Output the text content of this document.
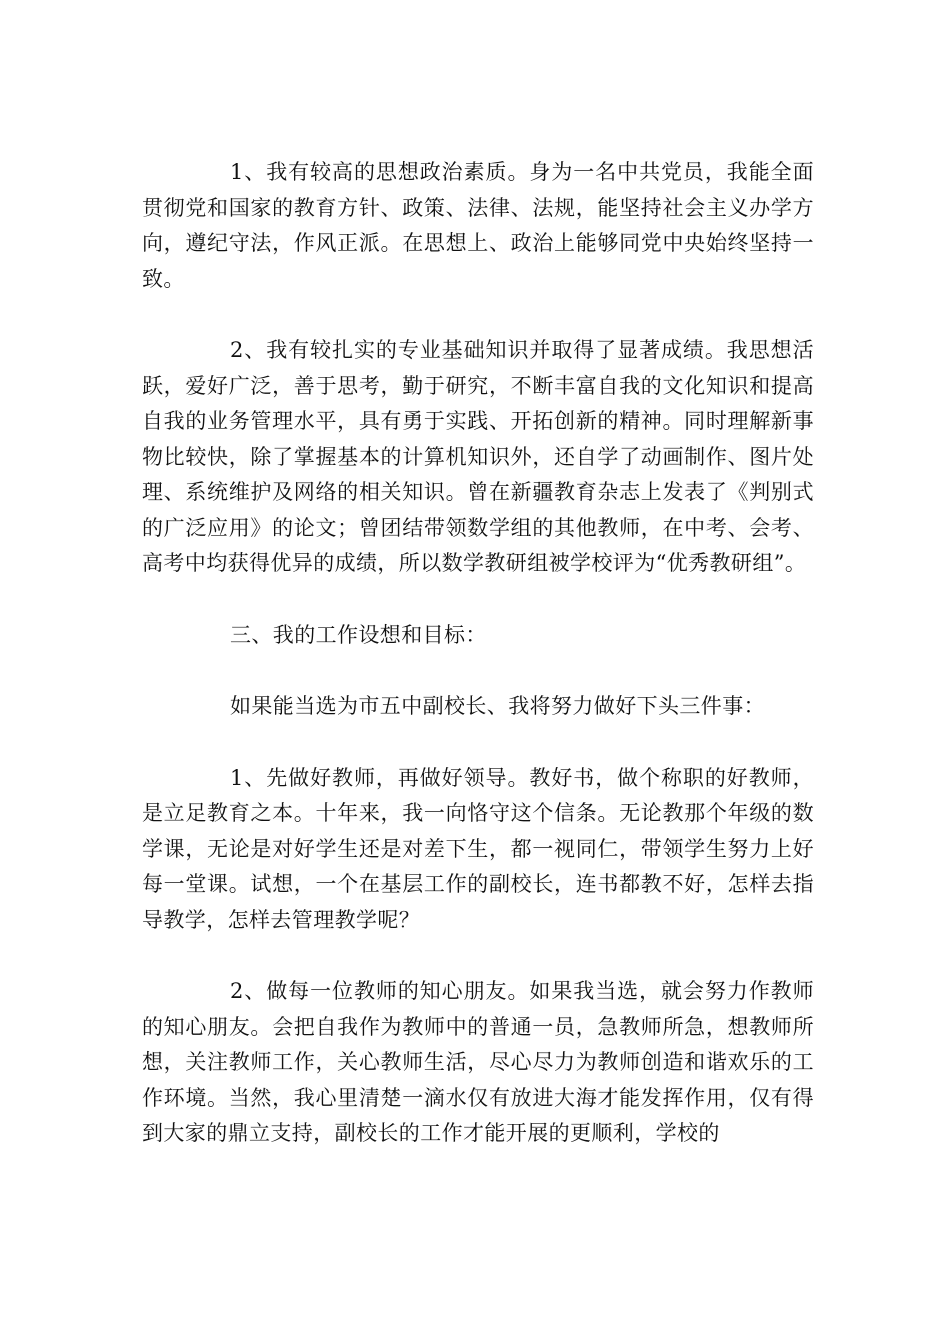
1、我有较高的思想政治素质。身为一名中共党员，我能全面贯彻党和国家的教育方针、政策、法律、法规，能坚持社会主义办学方向，遵纪守法，作风正派。在思想上、政治上能够同党中央始终坚持一致。

2、我有较扎实的专业基础知识并取得了显著成绩。我思想活跃，爱好广泛，善于思考，勤于研究，不断丰富自我的文化知识和提高自我的业务管理水平，具有勇于实践、开拓创新的精神。同时理解新事物比较快，除了掌握基本的计算机知识外，还自学了动画制作、图片处理、系统维护及网络的相关知识。曾在新疆教育杂志上发表了《判别式的广泛应用》的论文；曾团结带领数学组的其他教师，在中考、会考、高考中均获得优异的成绩，所以数学教研组被学校评为“优秀教研组”。

三、我的工作设想和目标：

如果能当选为市五中副校长、我将努力做好下头三件事：

1、先做好教师，再做好领导。教好书，做个称职的好教师，是立足教育之本。十年来，我一向恪守这个信条。无论教那个年级的数学课，无论是对好学生还是对差下生，都一视同仁，带领学生努力上好每一堂课。试想，一个在基层工作的副校长，连书都教不好，怎样去指导教学，怎样去管理教学呢？

2、做每一位教师的知心朋友。如果我当选，就会努力作教师的知心朋友。会把自我作为教师中的普通一员，急教师所急，想教师所想，关注教师工作，关心教师生活，尽心尽力为教师创造和谐欢乐的工作环境。当然，我心里清楚一滴水仅有放进大海才能发挥作用，仅有得到大家的鼎立支持，副校长的工作才能开展的更顺利，学校的
